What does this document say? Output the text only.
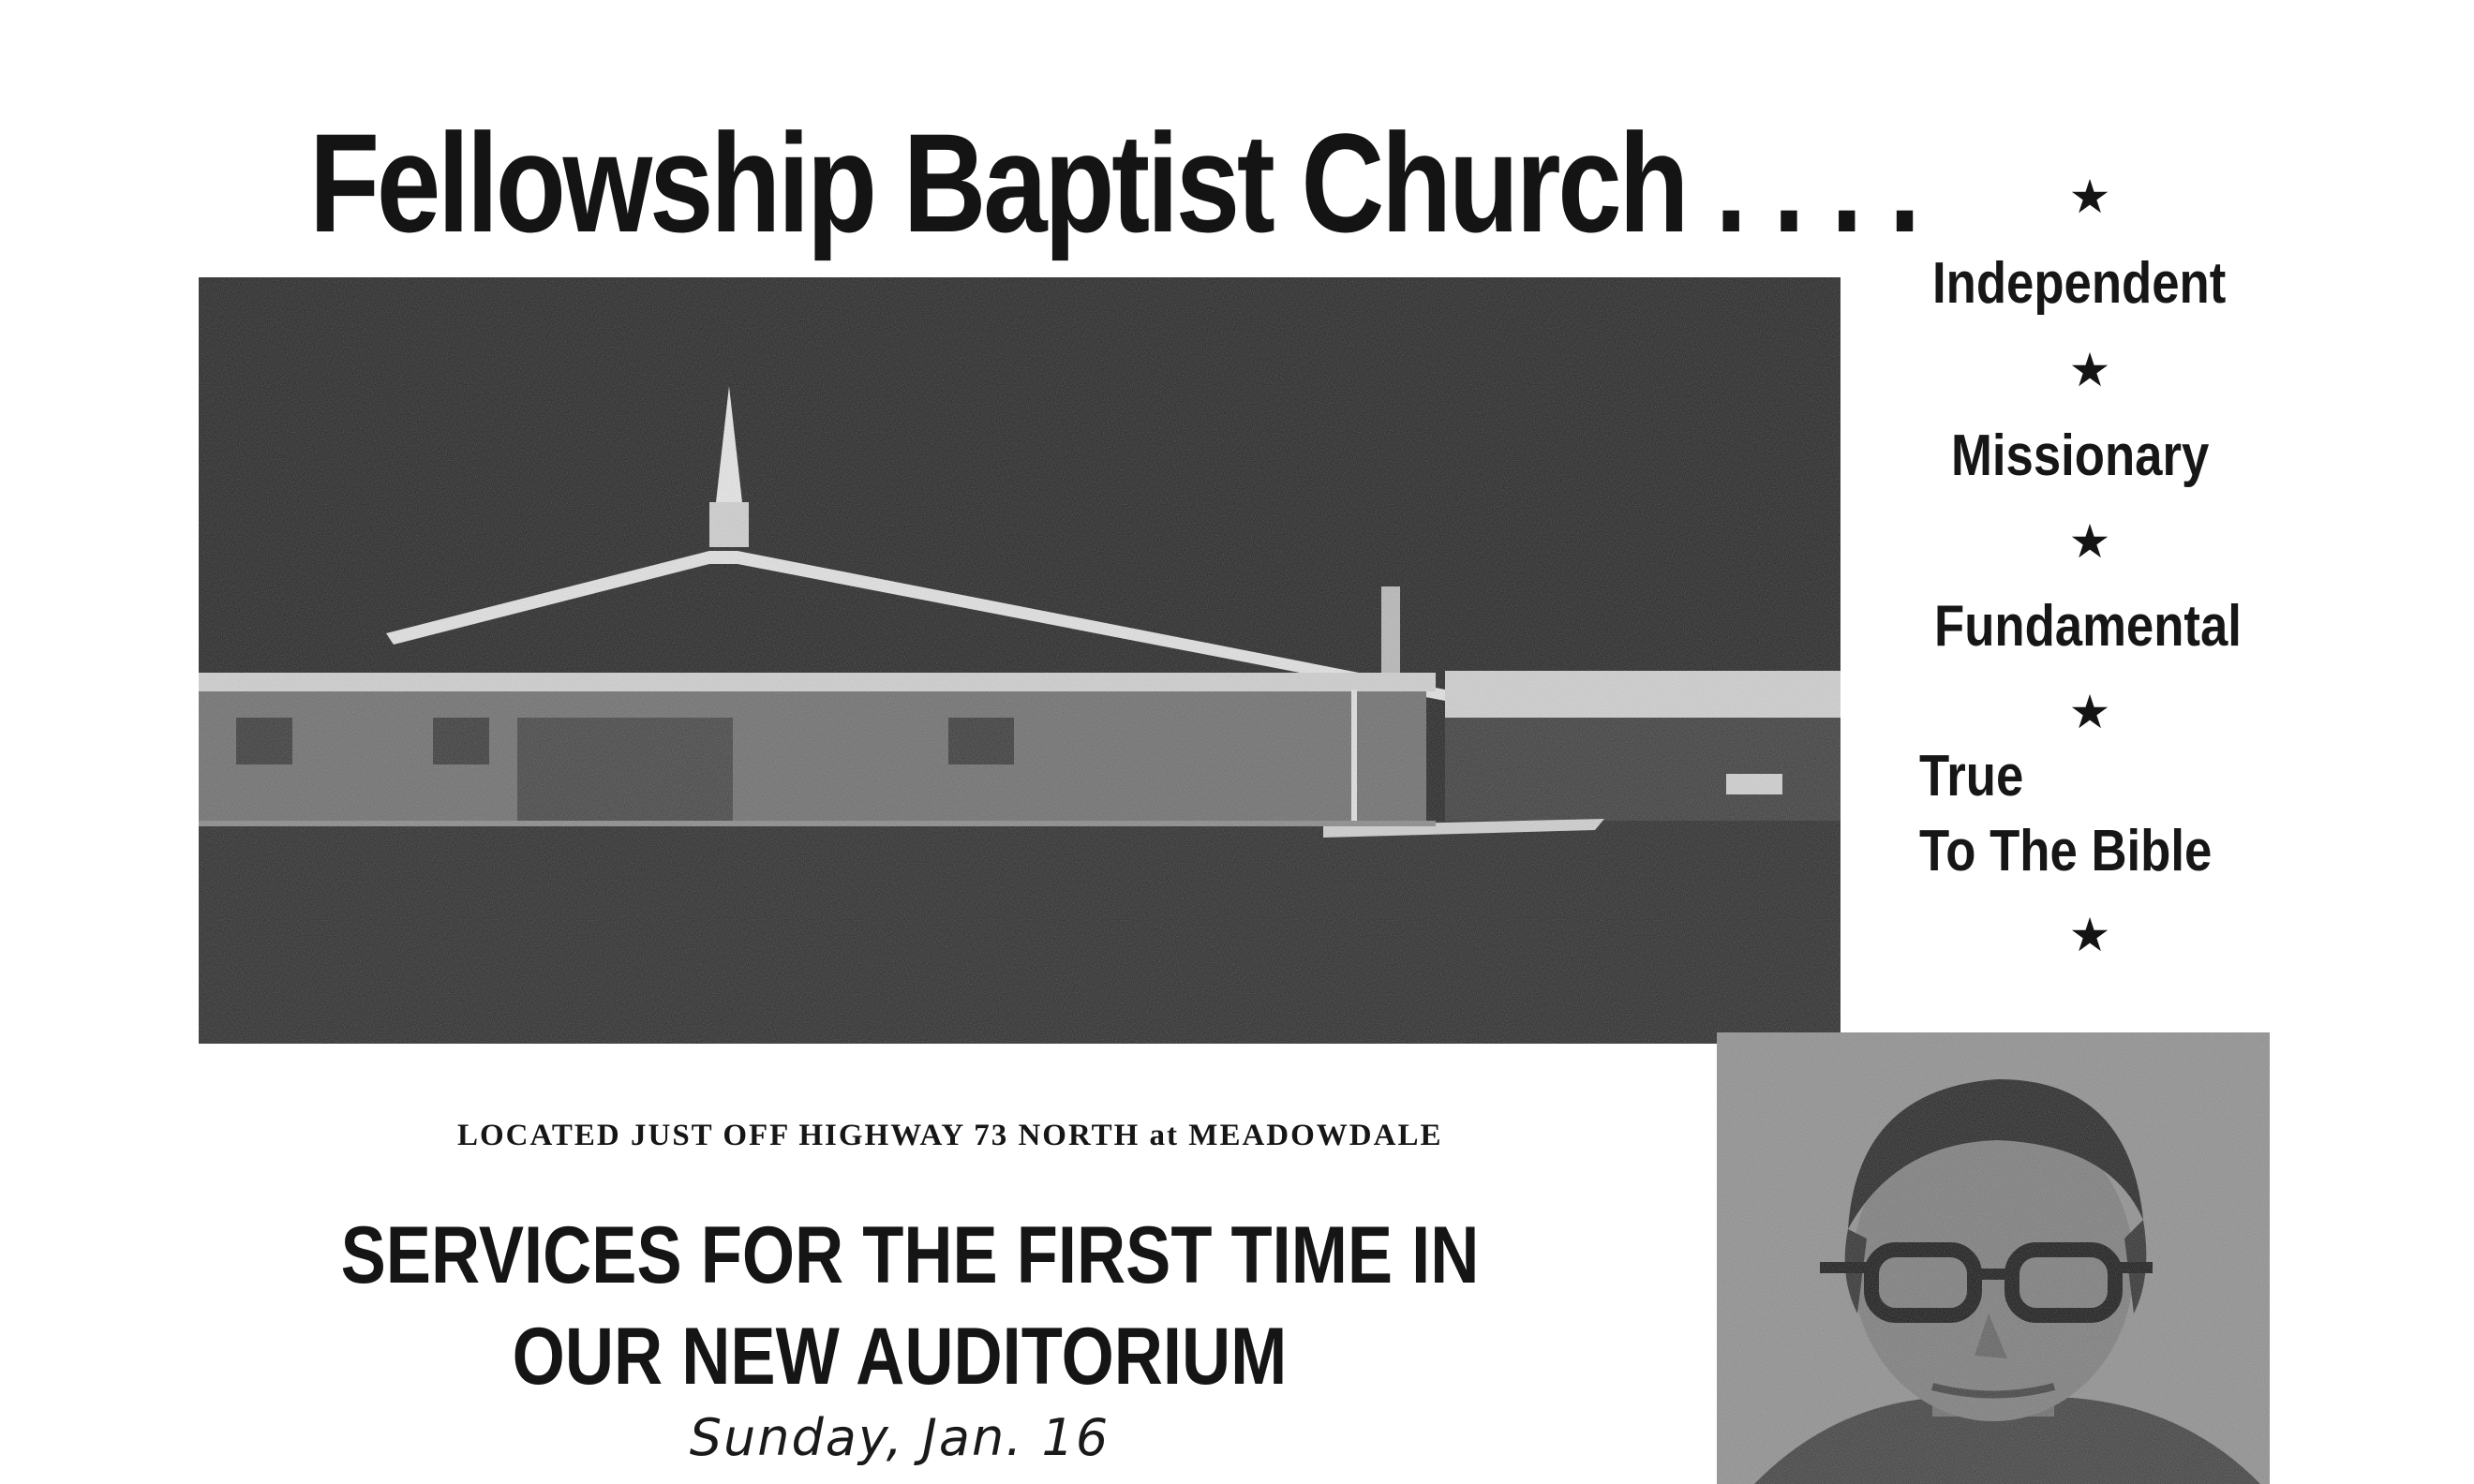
Fellowship Baptist Church . . . .	★
Independent
★
Missionary
★
Fundamental
★
True
To The Bible
★
LOCATED JUST OFF HIGHWAY 73 NORTH at MEADOWDALE
SERVICES FOR THE FIRST TIME IN
OUR NEW AUDITORIUM
Sunday, Jan. 16
